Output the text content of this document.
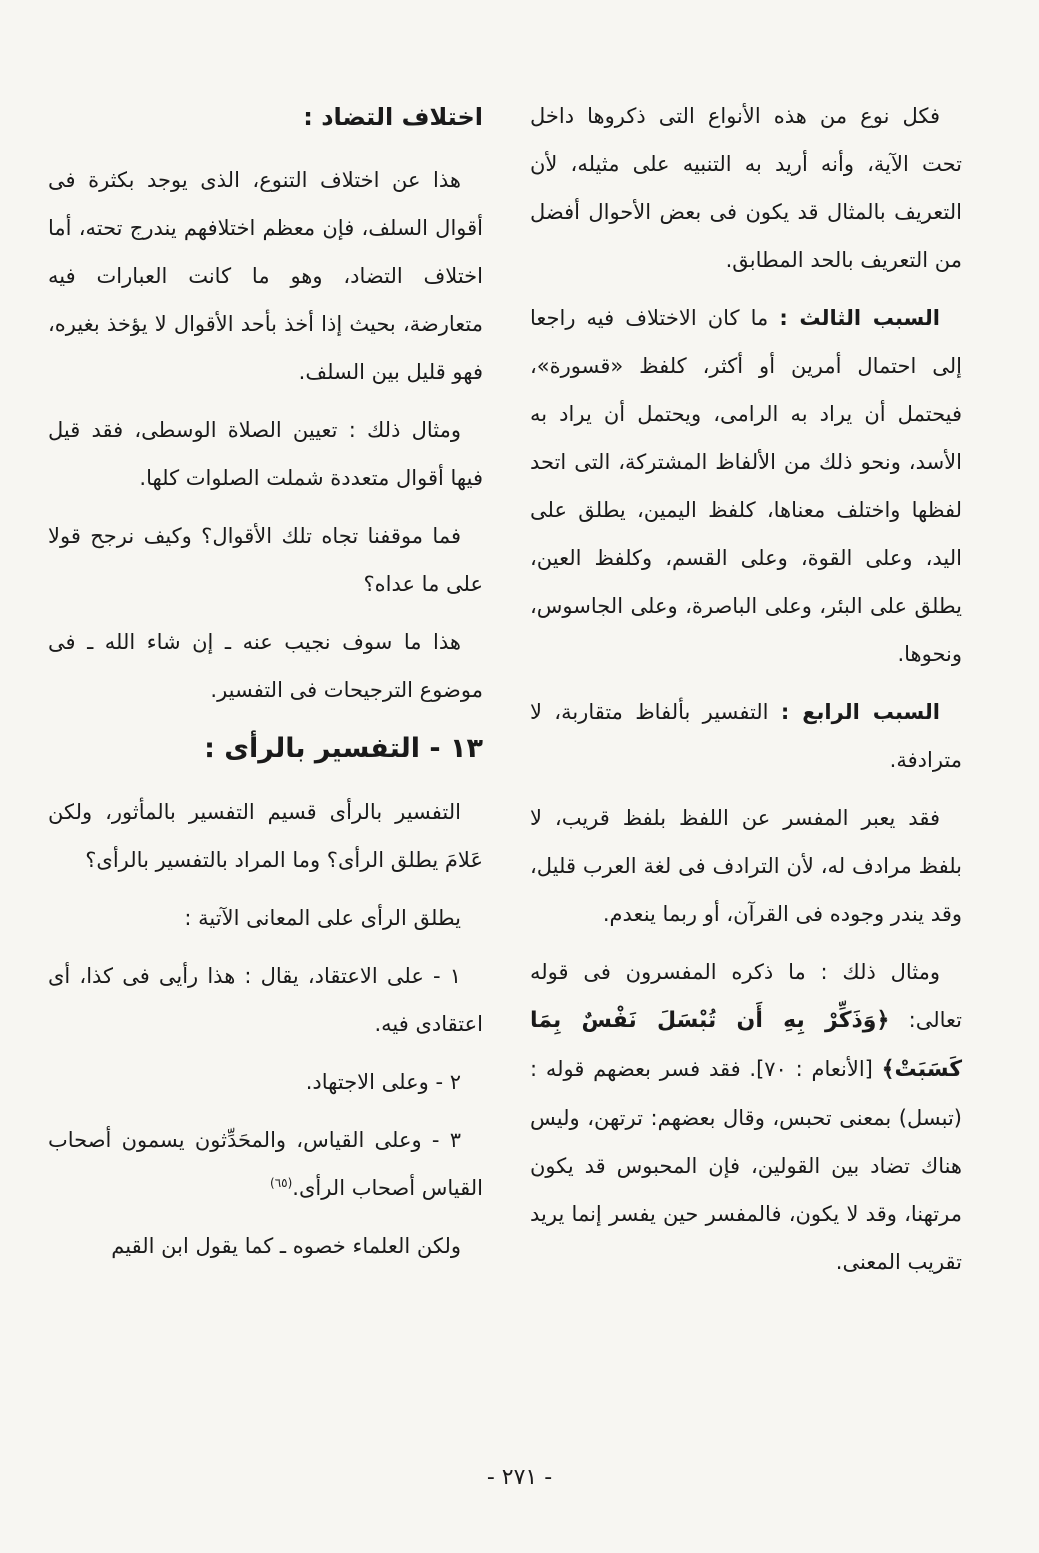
فكل نوع من هذه الأنواع التى ذكروها داخل تحت الآية، وأنه أريد به التنبيه على مثيله، لأن التعريف بالمثال قد يكون فى بعض الأحوال أفضل من التعريف بالحد المطابق.

السبب الثالث : ما كان الاختلاف فيه راجعا إلى احتمال أمرين أو أكثر، كلفظ «قسورة»، فيحتمل أن يراد به الرامى، ويحتمل أن يراد به الأسد، ونحو ذلك من الألفاظ المشتركة، التى اتحد لفظها واختلف معناها، كلفظ اليمين، يطلق على اليد، وعلى القوة، وعلى القسم، وكلفظ العين، يطلق على البئر، وعلى الباصرة، وعلى الجاسوس، ونحوها.

السبب الرابع : التفسير بألفاظ متقاربة، لا مترادفة.

فقد يعبر المفسر عن اللفظ بلفظ قريب، لا بلفظ مرادف له، لأن الترادف فى لغة العرب قليل، وقد يندر وجوده فى القرآن، أو ربما ينعدم.

ومثال ذلك : ما ذكره المفسرون فى قوله تعالى: ﴿وَذَكِّرْ بِهِ أَن تُبْسَلَ نَفْسٌ بِمَا كَسَبَتْ﴾ [الأنعام : ٧٠]. فقد فسر بعضهم قوله : (تبسل) بمعنى تحبس، وقال بعضهم: ترتهن، وليس هناك تضاد بين القولين، فإن المحبوس قد يكون مرتهنا، وقد لا يكون، فالمفسر حين يفسر إنما يريد تقريب المعنى.

اختلاف التضاد :

هذا عن اختلاف التنوع، الذى يوجد بكثرة فى أقوال السلف، فإن معظم اختلافهم يندرج تحته، أما اختلاف التضاد، وهو ما كانت العبارات فيه متعارضة، بحيث إذا أخذ بأحد الأقوال لا يؤخذ بغيره، فهو قليل بين السلف.

ومثال ذلك : تعيين الصلاة الوسطى، فقد قيل فيها أقوال متعددة شملت الصلوات كلها.

فما موقفنا تجاه تلك الأقوال؟ وكيف نرجح قولا على ما عداه؟

هذا ما سوف نجيب عنه ـ إن شاء الله ـ فى موضوع الترجيحات فى التفسير.

١٣ - التفسير بالرأى :

التفسير بالرأى قسيم التفسير بالمأثور، ولكن عَلامَ يطلق الرأى؟ وما المراد بالتفسير بالرأى؟

يطلق الرأى على المعانى الآتية :

١ - على الاعتقاد، يقال : هذا رأيى فى كذا، أى اعتقادى فيه.

٢ - وعلى الاجتهاد.

٣ - وعلى القياس، والمحَدِّثون يسمون أصحاب القياس أصحاب الرأى.$^{(٦٥)}$

ولكن العلماء خصوه ـ كما يقول ابن القيم

- ٢٧١ -
